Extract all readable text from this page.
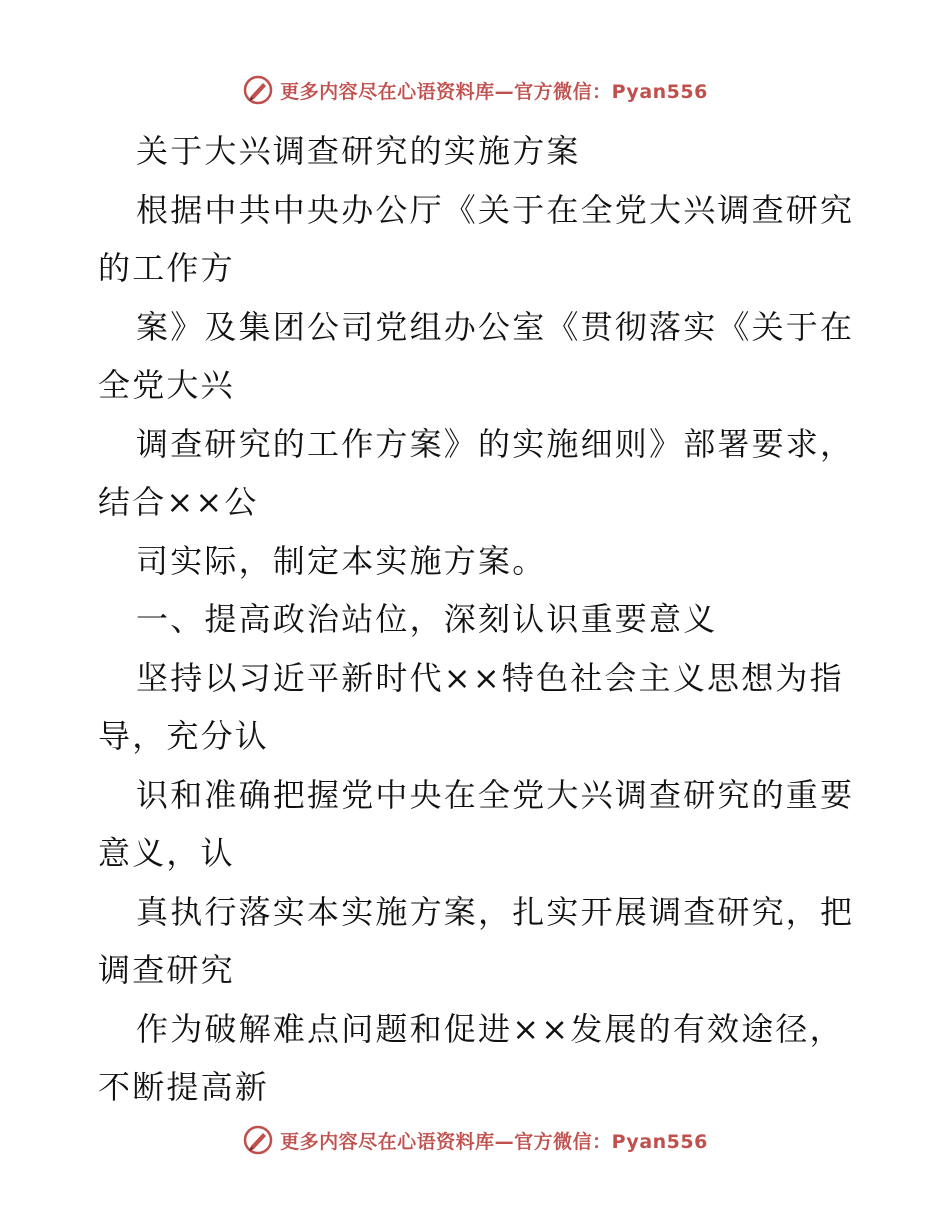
更多内容尽在心语资料库—官方微信：Pyan556
关于大兴调查研究的实施方案
根据中共中央办公厅《关于在全党大兴调查研究
的工作方
案》及集团公司党组办公室《贯彻落实《关于在
全党大兴
调查研究的工作方案》的实施细则》部署要求，
结合××公
司实际，制定本实施方案。
一、提高政治站位，深刻认识重要意义
坚持以习近平新时代××特色社会主义思想为指
导，充分认
识和准确把握党中央在全党大兴调查研究的重要
意义，认
真执行落实本实施方案，扎实开展调查研究，把
调查研究
作为破解难点问题和促进××发展的有效途径，
不断提高新
更多内容尽在心语资料库—官方微信：Pyan556
